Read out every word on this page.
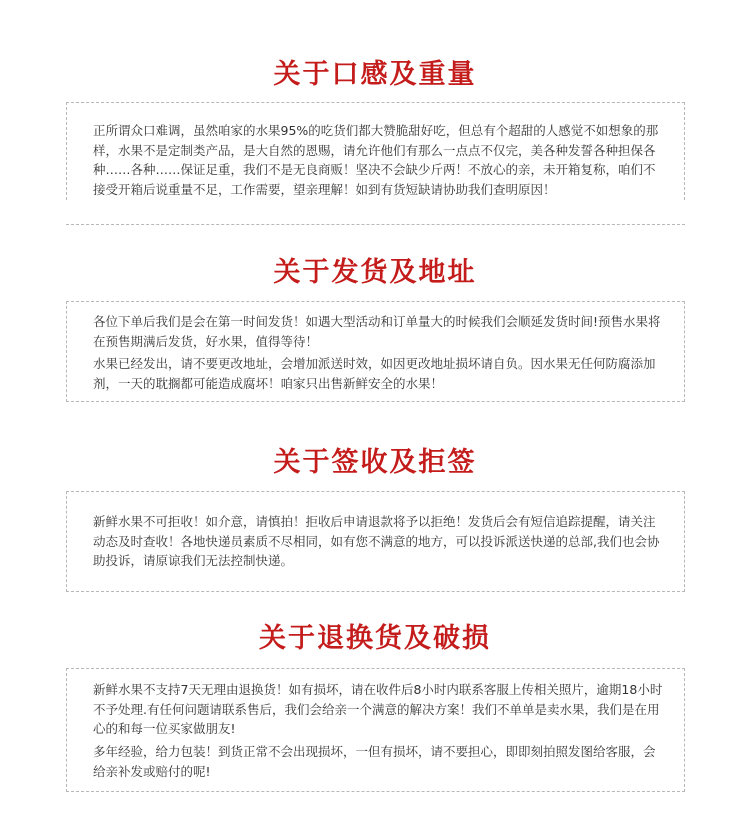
关于口感及重量

正所谓众口难调，虽然咱家的水果95%的吃货们都大赞脆甜好吃，但总有个超甜的人感觉不如想象的那样，水果不是定制类产品，是大自然的恩赐，请允许他们有那么一点点不仅完，美各种发誓各种担保各种……各种……保证足重，我们不是无良商贩！坚决不会缺少斤两！不放心的亲，未开箱复称，咱们不接受开箱后说重量不足，工作需要，望亲理解！如到有货短缺请协助我们查明原因！

关于发货及地址

各位下单后我们是会在第一时间发货！如遇大型活动和订单量大的时候我们会顺延发货时间!预售水果将在预售期满后发货，好水果，值得等待！

水果已经发出，请不要更改地址，会增加派送时效，如因更改地址损坏请自负。因水果无任何防腐添加剂，一天的耽搁都可能造成腐坏！咱家只出售新鲜安全的水果！

关于签收及拒签

新鲜水果不可拒收！如介意，请慎拍！拒收后申请退款将予以拒绝！发货后会有短信追踪提醒，请关注动态及时查收！各地快递员素质不尽相同，如有您不满意的地方，可以投诉派送快递的总部,我们也会协助投诉，请原谅我们无法控制快递。

关于退换货及破损

新鲜水果不支持7天无理由退换货！如有损坏，请在收件后8小时内联系客服上传相关照片，逾期18小时不予处理.有任何问题请联系售后，我们会给亲一个满意的解决方案！我们不单单是卖水果，我们是在用心的和每一位买家做朋友!

多年经验，给力包装！到货正常不会出现损坏，一但有损坏，请不要担心，即即刻拍照发图给客服，会给亲补发或赔付的呢!
